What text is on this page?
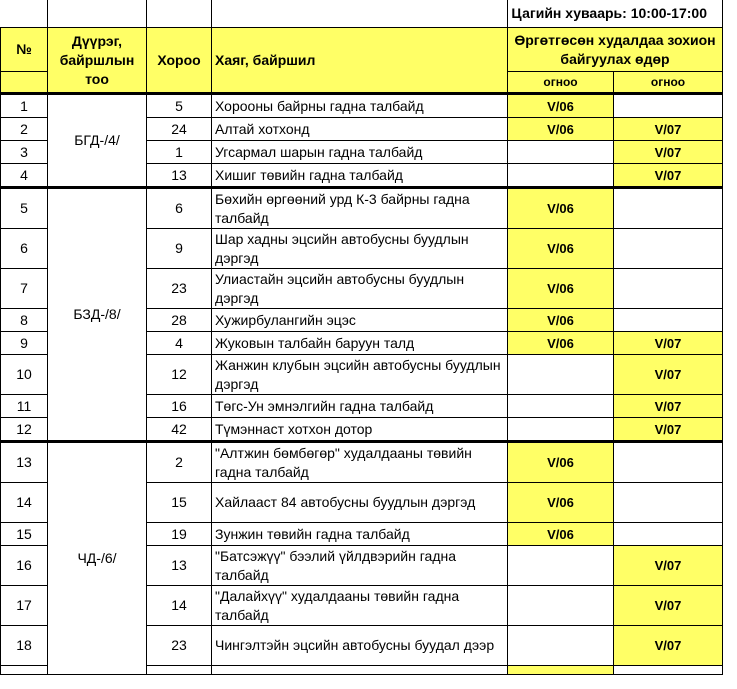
Цагийн хуваарь: 10:00-17:00
№	Дүүрэг, байршлын тоо	Хороо	Хаяг, байршил	Өргөтгөсөн худалдаа зохион байгуулах өдөр	

				огноо	огноо
1	БГД-/4/	5	Хорооны байрны гадна талбайд	V/06	
2		24	Алтай хотхонд	V/06	V/07
3		1	Угсармал шарын гадна талбайд		V/07
4		13	Хишиг төвийн гадна талбайд		V/07
5	БЗД-/8/	6	Бөхийн өргөөний урд К-3 байрны гадна талбайд	V/06	
6		9	Шар хадны эцсийн автобусны буудлын дэргэд	V/06	
7		23	Улиастайн эцсийн автобусны буудлын дэргэд	V/06	
8		28	Хужирбулангийн эцэс	V/06	
9		4	Жуковын талбайн баруун талд	V/06	V/07
10		12	Жанжин клубын эцсийн автобусны буудлын дэргэд		V/07
11		16	Төгс-Ун эмнэлгийн гадна талбайд		V/07
12		42	Түмэннаст хотхон дотор		V/07
13	ЧД-/6/	2	"Алтжин бөмбөгөр" худалдааны төвийн гадна талбайд	V/06	
14		15	Хайлааст 84 автобусны буудлын дэргэд	V/06	
15		19	Зунжин төвийн гадна талбайд	V/06	
16		13	"Батсэжүү" бээлий үйлдвэрийн гадна талбайд		V/07
17		14	"Далайхүү" худалдааны төвийн гадна талбайд		V/07
18		23	Чингэлтэйн эцсийн автобусны буудал дээр		V/07
